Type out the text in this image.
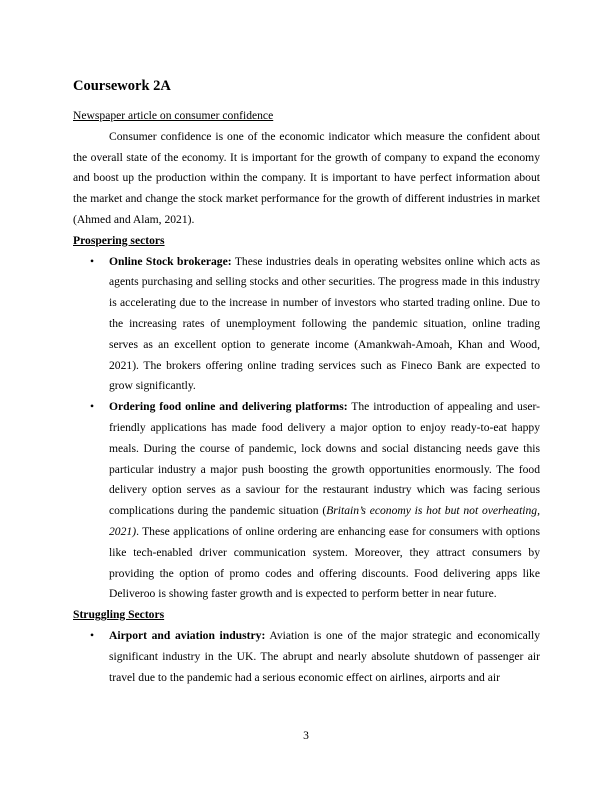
Coursework 2A

Newspaper article on consumer confidence

Consumer confidence is one of the economic indicator which measure the confident about the overall state of the economy. It is important for the growth of company to expand the economy and boost up the production within the company. It is important to have perfect information about the market and change the stock market performance for the growth of different industries in market (Ahmed and Alam, 2021).

Prospering sectors

• Online Stock brokerage: These industries deals in operating websites online which acts as agents purchasing and selling stocks and other securities. The progress made in this industry is accelerating due to the increase in number of investors who started trading online. Due to the increasing rates of unemployment following the pandemic situation, online trading serves as an excellent option to generate income (Amankwah-Amoah, Khan and Wood, 2021). The brokers offering online trading services such as Fineco Bank are expected to grow significantly.
• Ordering food online and delivering platforms: The introduction of appealing and user-friendly applications has made food delivery a major option to enjoy ready-to-eat happy meals. During the course of pandemic, lock downs and social distancing needs gave this particular industry a major push boosting the growth opportunities enormously. The food delivery option serves as a saviour for the restaurant industry which was facing serious complications during the pandemic situation (Britain’s economy is hot but not overheating, 2021). These applications of online ordering are enhancing ease for consumers with options like tech-enabled driver communication system. Moreover, they attract consumers by providing the option of promo codes and offering discounts. Food delivering apps like Deliveroo is showing faster growth and is expected to perform better in near future.

Struggling Sectors

• Airport and aviation industry: Aviation is one of the major strategic and economically significant industry in the UK. The abrupt and nearly absolute shutdown of passenger air travel due to the pandemic had a serious economic effect on airlines, airports and air
3
